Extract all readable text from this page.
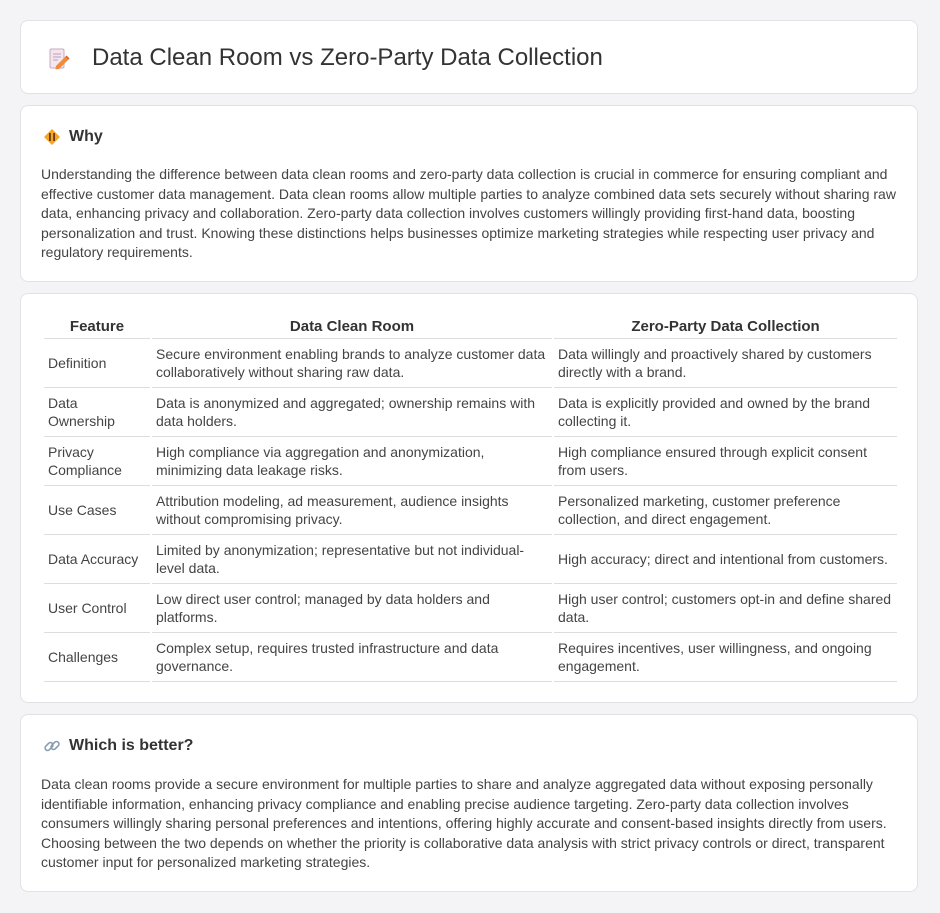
Data Clean Room vs Zero-Party Data Collection
Why

Understanding the difference between data clean rooms and zero-party data collection is crucial in commerce for ensuring compliant and effective customer data management. Data clean rooms allow multiple parties to analyze combined data sets securely without sharing raw data, enhancing privacy and collaboration. Zero-party data collection involves customers willingly providing first-hand data, boosting personalization and trust. Knowing these distinctions helps businesses optimize marketing strategies while respecting user privacy and regulatory requirements.

Feature	Data Clean Room	Zero-Party Data Collection
Definition	Secure environment enabling brands to analyze customer data collaboratively without sharing raw data.	Data willingly and proactively shared by customers directly with a brand.
Data Ownership	Data is anonymized and aggregated; ownership remains with data holders.	Data is explicitly provided and owned by the brand collecting it.
Privacy Compliance	High compliance via aggregation and anonymization, minimizing data leakage risks.	High compliance ensured through explicit consent from users.
Use Cases	Attribution modeling, ad measurement, audience insights without compromising privacy.	Personalized marketing, customer preference collection, and direct engagement.
Data Accuracy	Limited by anonymization; representative but not individual-level data.	High accuracy; direct and intentional from customers.
User Control	Low direct user control; managed by data holders and platforms.	High user control; customers opt-in and define shared data.
Challenges	Complex setup, requires trusted infrastructure and data governance.	Requires incentives, user willingness, and ongoing engagement.
Which is better?

Data clean rooms provide a secure environment for multiple parties to share and analyze aggregated data without exposing personally identifiable information, enhancing privacy compliance and enabling precise audience targeting. Zero-party data collection involves consumers willingly sharing personal preferences and intentions, offering highly accurate and consent-based insights directly from users. Choosing between the two depends on whether the priority is collaborative data analysis with strict privacy controls or direct, transparent customer input for personalized marketing strategies.
